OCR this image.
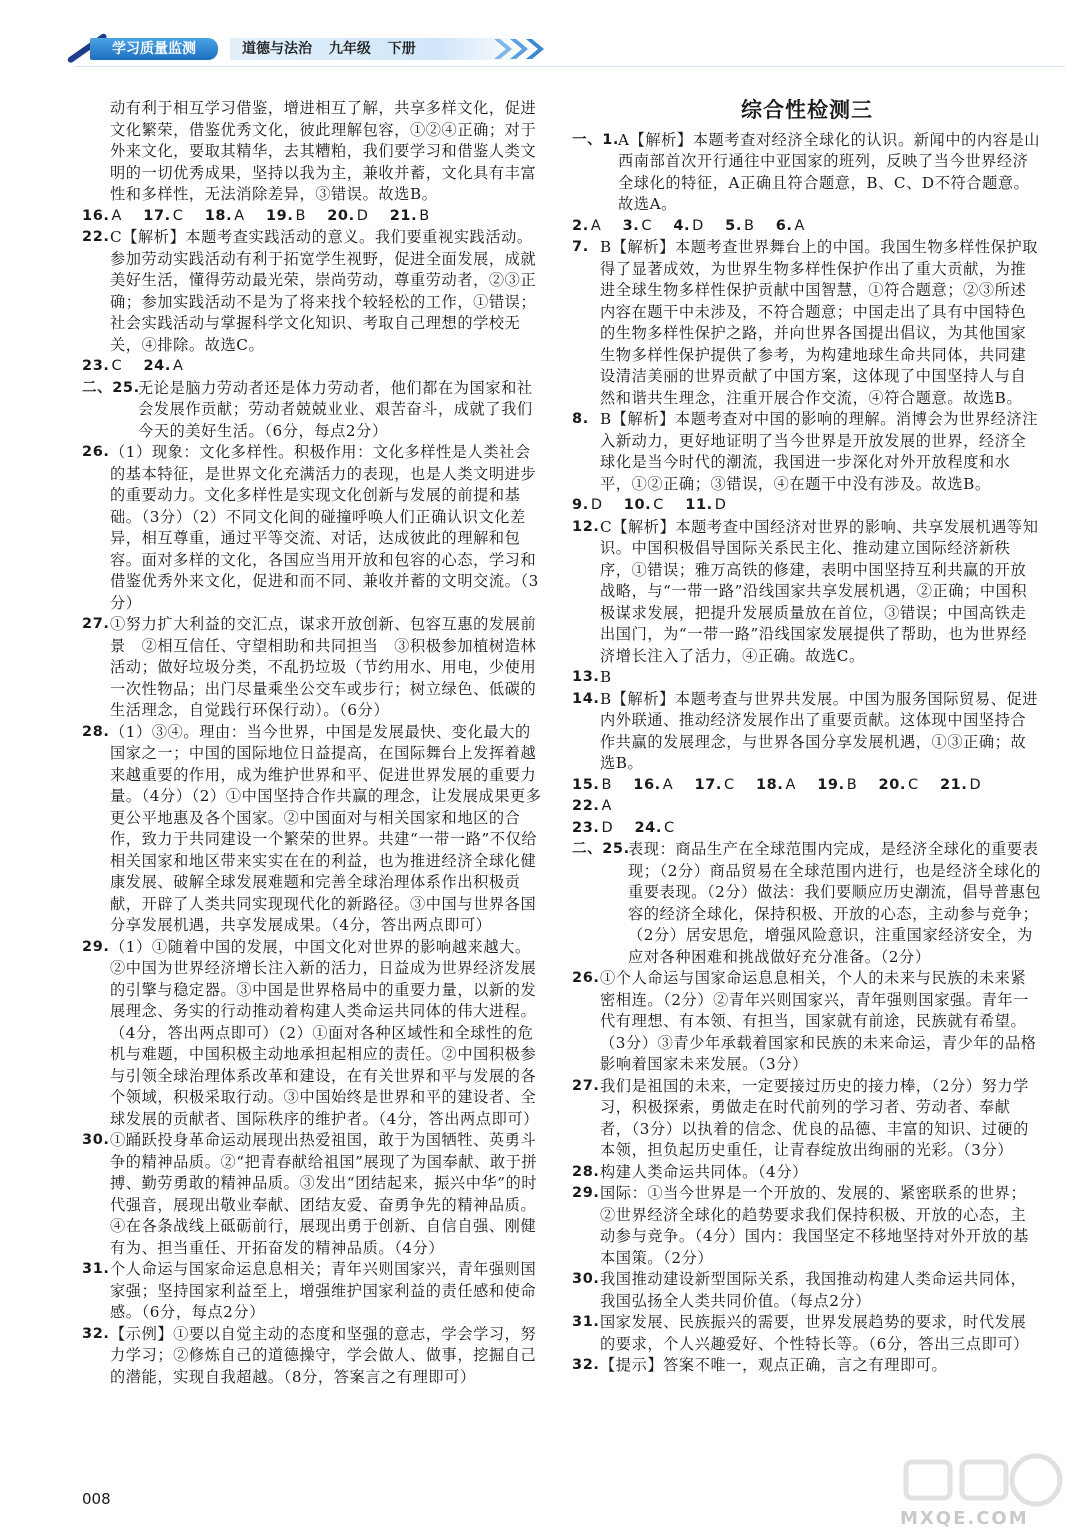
学习质量监测	道德与法治 九年级 下册

动有利于相互学习借鉴，增进相互了解，共享多样文化，促进文化繁荣，借鉴优秀文化，彼此理解包容，①②④正确；对于外来文化，要取其精华，去其糟粕，我们要学习和借鉴人类文明的一切优秀成果，坚持以我为主，兼收并蓄，文化具有丰富性和多样性，无法消除差异，③错误。故选B。

16. A 17. C 18. A 19. B 20. D 21. B

22. C【解析】本题考查实践活动的意义。我们要重视实践活动。参加劳动实践活动有利于拓宽学生视野，促进全面发展，成就美好生活，懂得劳动最光荣，崇尚劳动，尊重劳动者，②③正确；参加实践活动不是为了将来找个较轻松的工作，①错误；社会实践活动与掌握科学文化知识、考取自己理想的学校无关，④排除。故选C。

23. C 24. A

二、25.
无论是脑力劳动者还是体力劳动者，他们都在为国家和社会发展作贡献；劳动者兢兢业业、艰苦奋斗，成就了我们今天的美好生活。（6分，每点2分）

26. （1）现象：文化多样性。积极作用：文化多样性是人类社会的基本特征，是世界文化充满活力的表现，也是人类文明进步的重要动力。文化多样性是实现文化创新与发展的前提和基础。（3分）（2）不同文化间的碰撞呼唤人们正确认识文化差异，相互尊重，通过平等交流、对话，达成彼此的理解和包容。面对多样的文化，各国应当用开放和包容的心态，学习和借鉴优秀外来文化，促进和而不同、兼收并蓄的文明交流。（3分）

27. ①努力扩大利益的交汇点，谋求开放创新、包容互惠的发展前景　②相互信任、守望相助和共同担当　③积极参加植树造林活动；做好垃圾分类，不乱扔垃圾（节约用水、用电，少使用一次性物品；出门尽量乘坐公交车或步行；树立绿色、低碳的生活理念，自觉践行环保行动）。（6分）

28. （1）③④。理由：当今世界，中国是发展最快、变化最大的国家之一；中国的国际地位日益提高，在国际舞台上发挥着越来越重要的作用，成为维护世界和平、促进世界发展的重要力量。（4分）（2）①中国坚持合作共赢的理念，让发展成果更多更公平地惠及各个国家。②中国面对与相关国家和地区的合作，致力于共同建设一个繁荣的世界。共建“一带一路”不仅给相关国家和地区带来实实在在的利益，也为推进经济全球化健康发展、破解全球发展难题和完善全球治理体系作出积极贡献，开辟了人类共同实现现代化的新路径。③中国与世界各国分享发展机遇，共享发展成果。（4分，答出两点即可）

29. （1）①随着中国的发展，中国文化对世界的影响越来越大。②中国为世界经济增长注入新的活力，日益成为世界经济发展的引擎与稳定器。③中国是世界格局中的重要力量，以新的发展理念、务实的行动推动着构建人类命运共同体的伟大进程。（4分，答出两点即可）（2）①面对各种区域性和全球性的危机与难题，中国积极主动地承担起相应的责任。②中国积极参与引领全球治理体系改革和建设，在有关世界和平与发展的各个领域，积极采取行动。③中国始终是世界和平的建设者、全球发展的贡献者、国际秩序的维护者。（4分，答出两点即可）

30. ①踊跃投身革命运动展现出热爱祖国，敢于为国牺牲、英勇斗争的精神品质。②“把青春献给祖国”展现了为国奉献、敢于拼搏、勤劳勇敢的精神品质。③发出“团结起来，振兴中华”的时代强音，展现出敬业奉献、团结友爱、奋勇争先的精神品质。④在各条战线上砥砺前行，展现出勇于创新、自信自强、刚健有为、担当重任、开拓奋发的精神品质。（4分）

31. 个人命运与国家命运息息相关；青年兴则国家兴，青年强则国家强；坚持国家利益至上，增强维护国家利益的责任感和使命感。（6分，每点2分）

32. 【示例】①要以自觉主动的态度和坚强的意志，学会学习，努力学习；②修炼自己的道德操守，学会做人、做事，挖掘自己的潜能，实现自我超越。（8分，答案言之有理即可）

综合性检测三

一、1.
A【解析】本题考查对经济全球化的认识。新闻中的内容是山西南部首次开行通往中亚国家的班列，反映了当今世界经济全球化的特征，A正确且符合题意，B、C、D不符合题意。故选A。

2. A 3. C 4. D 5. B 6. A

7. B【解析】本题考查世界舞台上的中国。我国生物多样性保护取得了显著成效，为世界生物多样性保护作出了重大贡献，为推进全球生物多样性保护贡献中国智慧，①符合题意；②③所述内容在题干中未涉及，不符合题意；中国走出了具有中国特色的生物多样性保护之路，并向世界各国提出倡议，为其他国家生物多样性保护提供了参考，为构建地球生命共同体，共同建设清洁美丽的世界贡献了中国方案，这体现了中国坚持人与自然和谐共生理念，注重开展合作交流，④符合题意。故选B。

8. B【解析】本题考查对中国的影响的理解。消博会为世界经济注入新动力，更好地证明了当今世界是开放发展的世界，经济全球化是当今时代的潮流，我国进一步深化对外开放程度和水平，①②正确；③错误，④在题干中没有涉及。故选B。

9. D 10. C 11. D

12. C【解析】本题考查中国经济对世界的影响、共享发展机遇等知识。中国积极倡导国际关系民主化、推动建立国际经济新秩序，①错误；雅万高铁的修建，表明中国坚持互利共赢的开放战略，与“一带一路”沿线国家共享发展机遇，②正确；中国积极谋求发展，把提升发展质量放在首位，③错误；中国高铁走出国门，为“一带一路”沿线国家发展提供了帮助，也为世界经济增长注入了活力，④正确。故选C。

13. B

14. B【解析】本题考查与世界共发展。中国为服务国际贸易、促进内外联通、推动经济发展作出了重要贡献。这体现中国坚持合作共赢的发展理念，与世界各国分享发展机遇，①③正确；故选B。

15. B 16. A 17. C 18. A 19. B 20. C 21. D 22. A

23. D 24. C

二、25.
表现：商品生产在全球范围内完成，是经济全球化的重要表现；（2分）商品贸易在全球范围内进行，也是经济全球化的重要表现。（2分）做法：我们要顺应历史潮流，倡导普惠包容的经济全球化，保持积极、开放的心态，主动参与竞争；（2分）居安思危，增强风险意识，注重国家经济安全，为应对各种困难和挑战做好充分准备。（2分）

26. ①个人命运与国家命运息息相关，个人的未来与民族的未来紧密相连。（2分）②青年兴则国家兴，青年强则国家强。青年一代有理想、有本领、有担当，国家就有前途，民族就有希望。（3分）③青少年承载着国家和民族的未来命运，青少年的品格影响着国家未来发展。（3分）

27. 我们是祖国的未来，一定要接过历史的接力棒，（2分）努力学习，积极探索，勇做走在时代前列的学习者、劳动者、奉献者，（3分）以执着的信念、优良的品德、丰富的知识、过硬的本领，担负起历史重任，让青春绽放出绚丽的光彩。（3分）

28. 构建人类命运共同体。（4分）

29. 国际：①当今世界是一个开放的、发展的、紧密联系的世界；②世界经济全球化的趋势要求我们保持积极、开放的心态，主动参与竞争。（4分）国内：我国坚定不移地坚持对外开放的基本国策。（2分）

30. 我国推动建设新型国际关系，我国推动构建人类命运共同体，我国弘扬全人类共同价值。（每点2分）

31. 国家发展、民族振兴的需要，世界发展趋势的要求，时代发展的要求，个人兴趣爱好、个性特长等。（6分，答出三点即可）

32. 【提示】答案不唯一，观点正确，言之有理即可。

008
MXQE.COM
